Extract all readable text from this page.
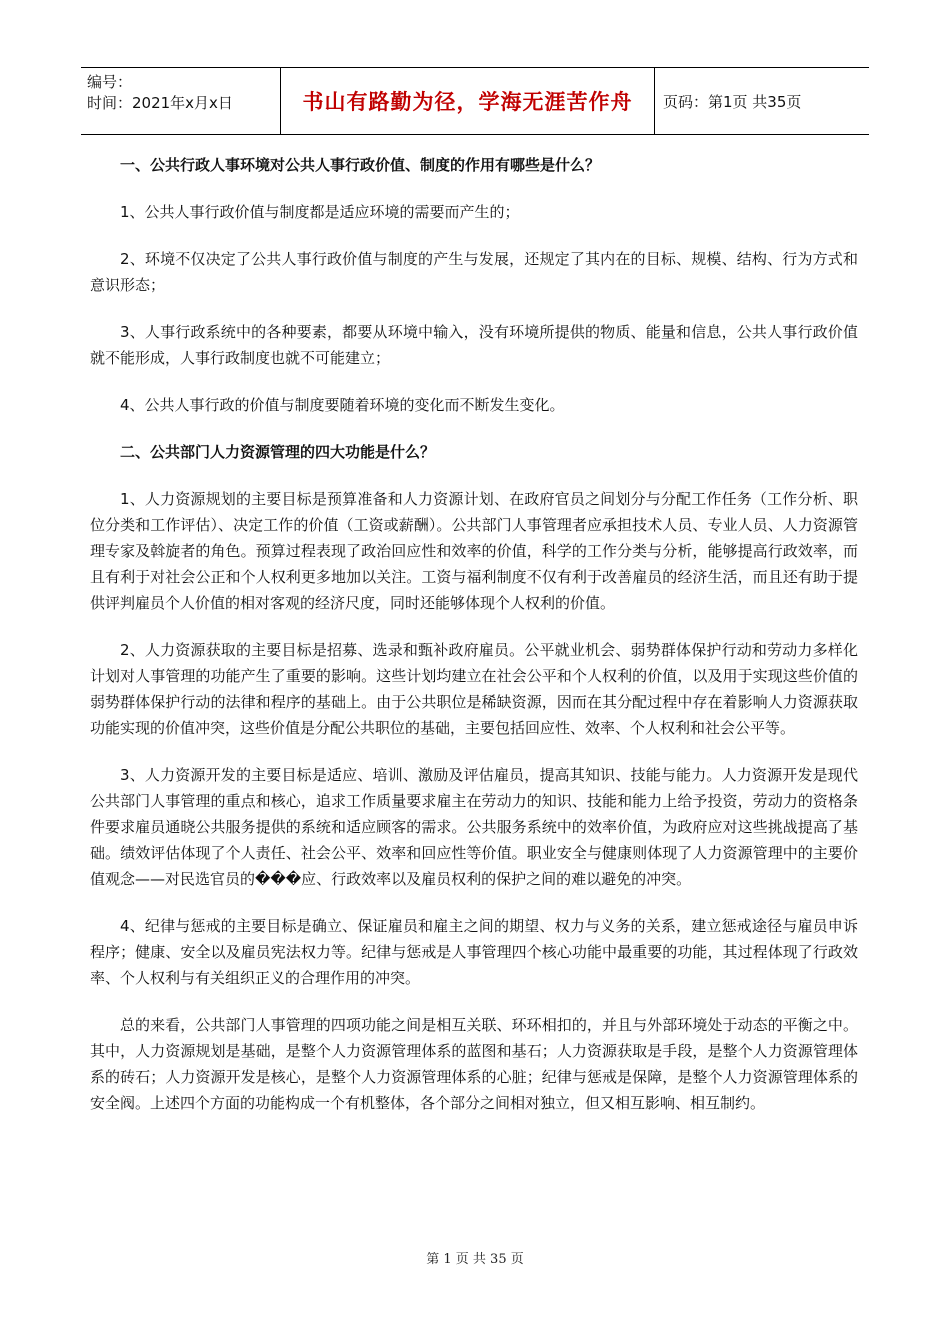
编号：
时间：2021年x月x日	书山有路勤为径，学海无涯苦作舟 页码：第1页 共35页

一、公共行政人事环境对公共人事行政价值、制度的作用有哪些是什么？

1、公共人事行政价值与制度都是适应环境的需要而产生的；

2、环境不仅决定了公共人事行政价值与制度的产生与发展，还规定了其内在的目标、规模、结构、行为方式和意识形态；

3、人事行政系统中的各种要素，都要从环境中输入，没有环境所提供的物质、能量和信息，公共人事行政价值就不能形成，人事行政制度也就不可能建立；

4、公共人事行政的价值与制度要随着环境的变化而不断发生变化。

二、公共部门人力资源管理的四大功能是什么？

1、人力资源规划的主要目标是预算准备和人力资源计划、在政府官员之间划分与分配工作任务（工作分析、职位分类和工作评估）、决定工作的价值（工资或薪酬）。公共部门人事管理者应承担技术人员、专业人员、人力资源管理专家及斡旋者的角色。预算过程表现了政治回应性和效率的价值，科学的工作分类与分析，能够提高行政效率，而且有利于对社会公正和个人权利更多地加以关注。工资与福利制度不仅有利于改善雇员的经济生活，而且还有助于提供评判雇员个人价值的相对客观的经济尺度，同时还能够体现个人权利的价值。

2、人力资源获取的主要目标是招募、选录和甄补政府雇员。公平就业机会、弱势群体保护行动和劳动力多样化计划对人事管理的功能产生了重要的影响。这些计划均建立在社会公平和个人权利的价值，以及用于实现这些价值的弱势群体保护行动的法律和程序的基础上。由于公共职位是稀缺资源，因而在其分配过程中存在着影响人力资源获取功能实现的价值冲突，这些价值是分配公共职位的基础，主要包括回应性、效率、个人权利和社会公平等。

3、人力资源开发的主要目标是适应、培训、激励及评估雇员，提高其知识、技能与能力。人力资源开发是现代公共部门人事管理的重点和核心，追求工作质量要求雇主在劳动力的知识、技能和能力上给予投资，劳动力的资格条件要求雇员通晓公共服务提供的系统和适应顾客的需求。公共服务系统中的效率价值，为政府应对这些挑战提高了基础。绩效评估体现了个人责任、社会公平、效率和回应性等价值。职业安全与健康则体现了人力资源管理中的主要价值观念——对民选官员的���应、行政效率以及雇员权利的保护之间的难以避免的冲突。

4、纪律与惩戒的主要目标是确立、保证雇员和雇主之间的期望、权力与义务的关系，建立惩戒途径与雇员申诉程序；健康、安全以及雇员宪法权力等。纪律与惩戒是人事管理四个核心功能中最重要的功能，其过程体现了行政效率、个人权利与有关组织正义的合理作用的冲突。

总的来看，公共部门人事管理的四项功能之间是相互关联、环环相扣的，并且与外部环境处于动态的平衡之中。其中，人力资源规划是基础，是整个人力资源管理体系的蓝图和基石；人力资源获取是手段，是整个人力资源管理体系的砖石；人力资源开发是核心，是整个人力资源管理体系的心脏；纪律与惩戒是保障，是整个人力资源管理体系的安全阀。上述四个方面的功能构成一个有机整体，各个部分之间相对独立，但又相互影响、相互制约。

第 1 页 共 35 页
